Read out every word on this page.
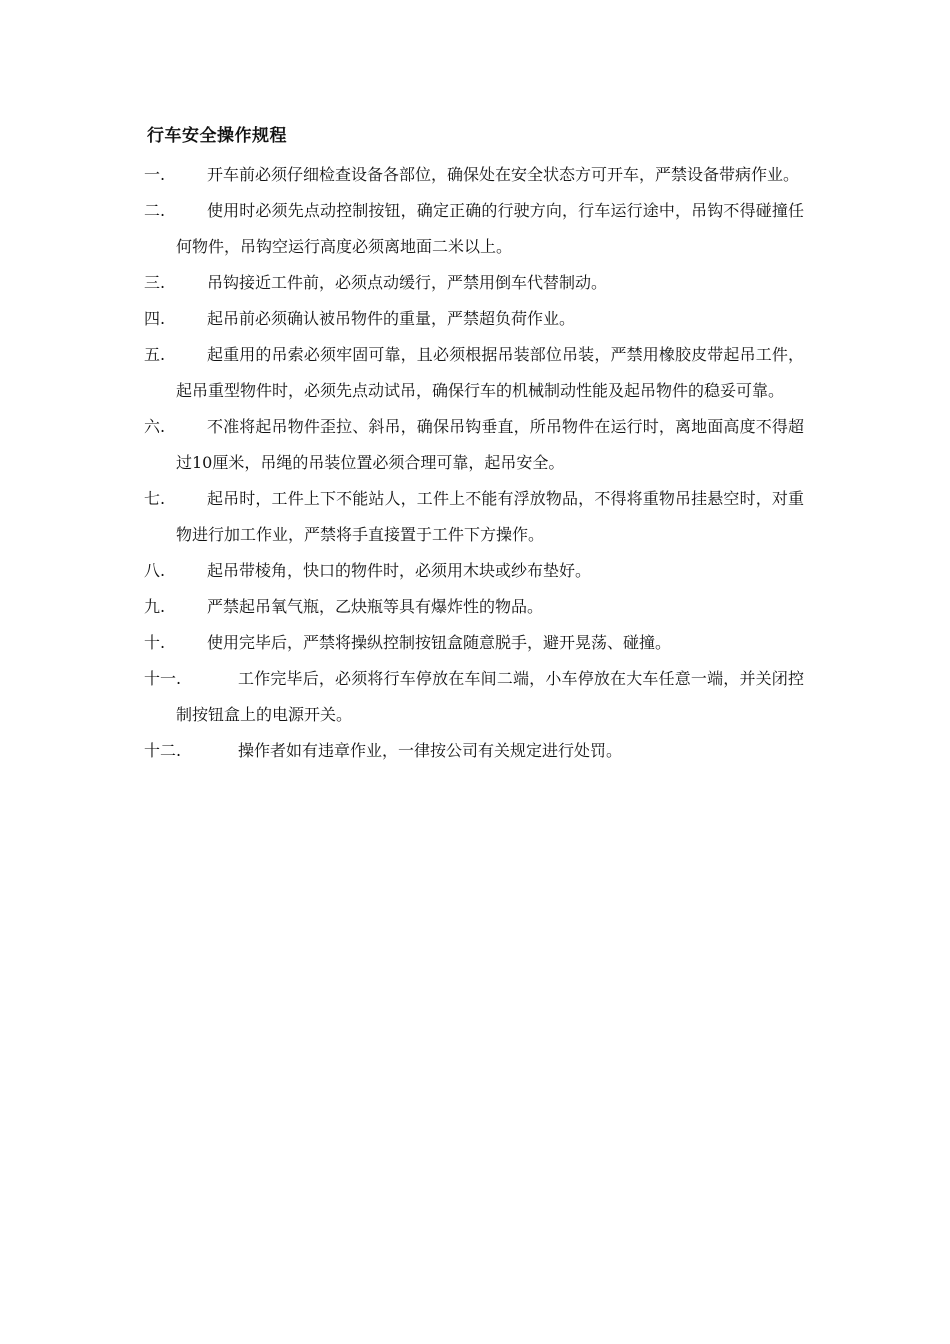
行车安全操作规程
一.	开车前必须仔细检查设备各部位，确保处在安全状态方可开车，严禁设备带病作业。
二.	使用时必须先点动控制按钮，确定正确的行驶方向，行车运行途中，吊钩不得碰撞任何物件，吊钩空运行高度必须离地面二米以上。
三.	吊钩接近工件前，必须点动缓行，严禁用倒车代替制动。
四.	起吊前必须确认被吊物件的重量，严禁超负荷作业。
五.	起重用的吊索必须牢固可靠，且必须根据吊装部位吊装，严禁用橡胶皮带起吊工件，起吊重型物件时，必须先点动试吊，确保行车的机械制动性能及起吊物件的稳妥可靠。
六.	不准将起吊物件歪拉、斜吊，确保吊钩垂直，所吊物件在运行时，离地面高度不得超过10厘米，吊绳的吊装位置必须合理可靠，起吊安全。
七.	起吊时，工件上下不能站人，工件上不能有浮放物品，不得将重物吊挂悬空时，对重物进行加工作业，严禁将手直接置于工件下方操作。
八.	起吊带棱角，快口的物件时，必须用木块或纱布垫好。
九.	严禁起吊氧气瓶，乙炔瓶等具有爆炸性的物品。
十.	使用完毕后，严禁将操纵控制按钮盒随意脱手，避开晃荡、碰撞。
十一.	工作完毕后，必须将行车停放在车间二端，小车停放在大车任意一端，并关闭控制按钮盒上的电源开关。
十二.	操作者如有违章作业，一律按公司有关规定进行处罚。
